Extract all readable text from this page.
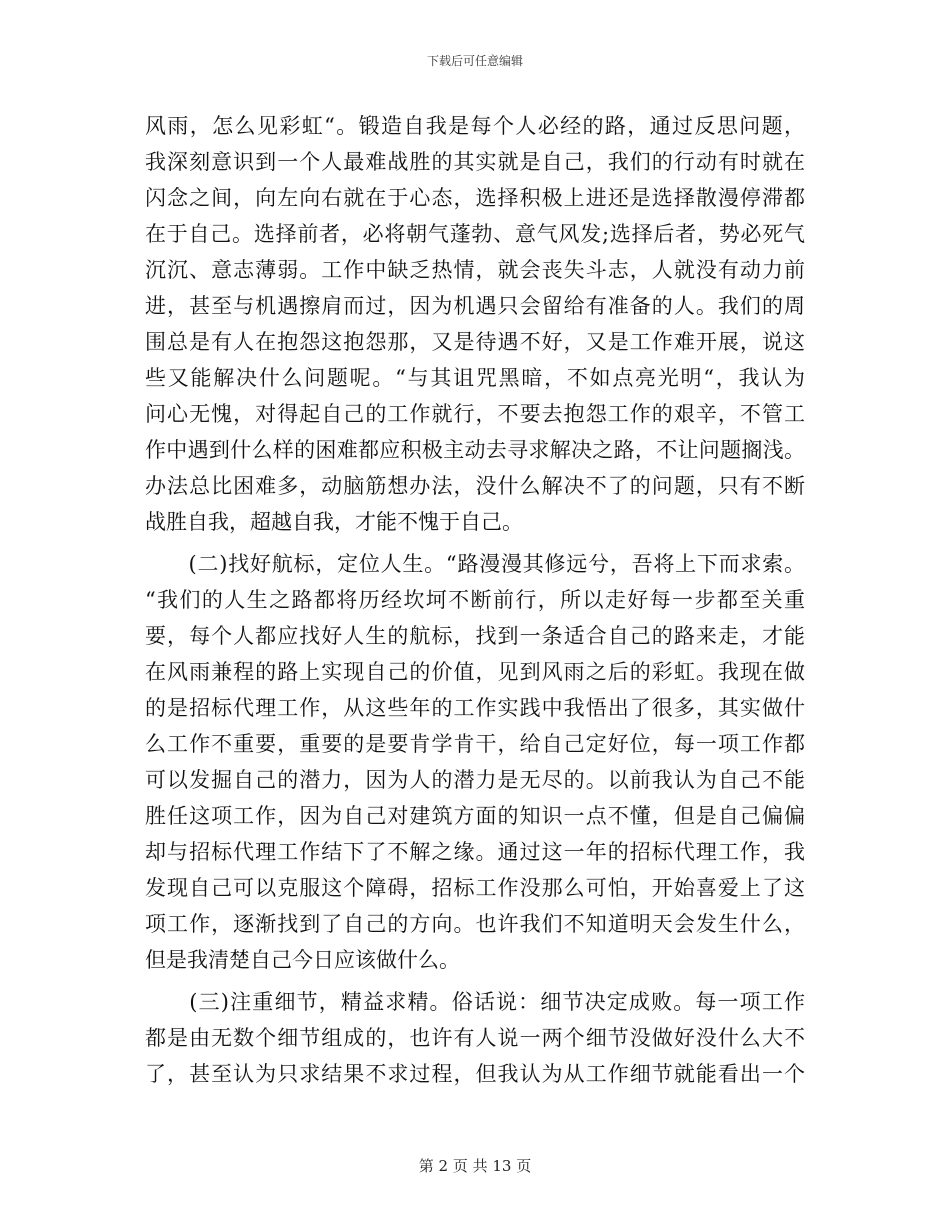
下载后可任意编辑
风雨，怎么见彩虹“。锻造自我是每个人必经的路，通过反思问题，
我深刻意识到一个人最难战胜的其实就是自己，我们的行动有时就在
闪念之间，向左向右就在于心态，选择积极上进还是选择散漫停滞都
在于自己。选择前者，必将朝气蓬勃、意气风发;选择后者，势必死气
沉沉、意志薄弱。工作中缺乏热情，就会丧失斗志，人就没有动力前
进，甚至与机遇擦肩而过，因为机遇只会留给有准备的人。我们的周
围总是有人在抱怨这抱怨那，又是待遇不好，又是工作难开展，说这
些又能解决什么问题呢。“与其诅咒黑暗，不如点亮光明“，我认为
问心无愧，对得起自己的工作就行，不要去抱怨工作的艰辛，不管工
作中遇到什么样的困难都应积极主动去寻求解决之路，不让问题搁浅。
办法总比困难多，动脑筋想办法，没什么解决不了的问题，只有不断
战胜自我，超越自我，才能不愧于自己。
　　(二)找好航标，定位人生。“路漫漫其修远兮，吾将上下而求索。
“我们的人生之路都将历经坎坷不断前行，所以走好每一步都至关重
要，每个人都应找好人生的航标，找到一条适合自己的路来走，才能
在风雨兼程的路上实现自己的价值，见到风雨之后的彩虹。我现在做
的是招标代理工作，从这些年的工作实践中我悟出了很多，其实做什
么工作不重要，重要的是要肯学肯干，给自己定好位，每一项工作都
可以发掘自己的潜力，因为人的潜力是无尽的。以前我认为自己不能
胜任这项工作，因为自己对建筑方面的知识一点不懂，但是自己偏偏
却与招标代理工作结下了不解之缘。通过这一年的招标代理工作，我
发现自己可以克服这个障碍，招标工作没那么可怕，开始喜爱上了这
项工作，逐渐找到了自己的方向。也许我们不知道明天会发生什么，
但是我清楚自己今日应该做什么。
　　(三)注重细节，精益求精。俗话说：细节决定成败。每一项工作
都是由无数个细节组成的，也许有人说一两个细节没做好没什么大不
了，甚至认为只求结果不求过程，但我认为从工作细节就能看出一个
第 2 页 共 13 页
